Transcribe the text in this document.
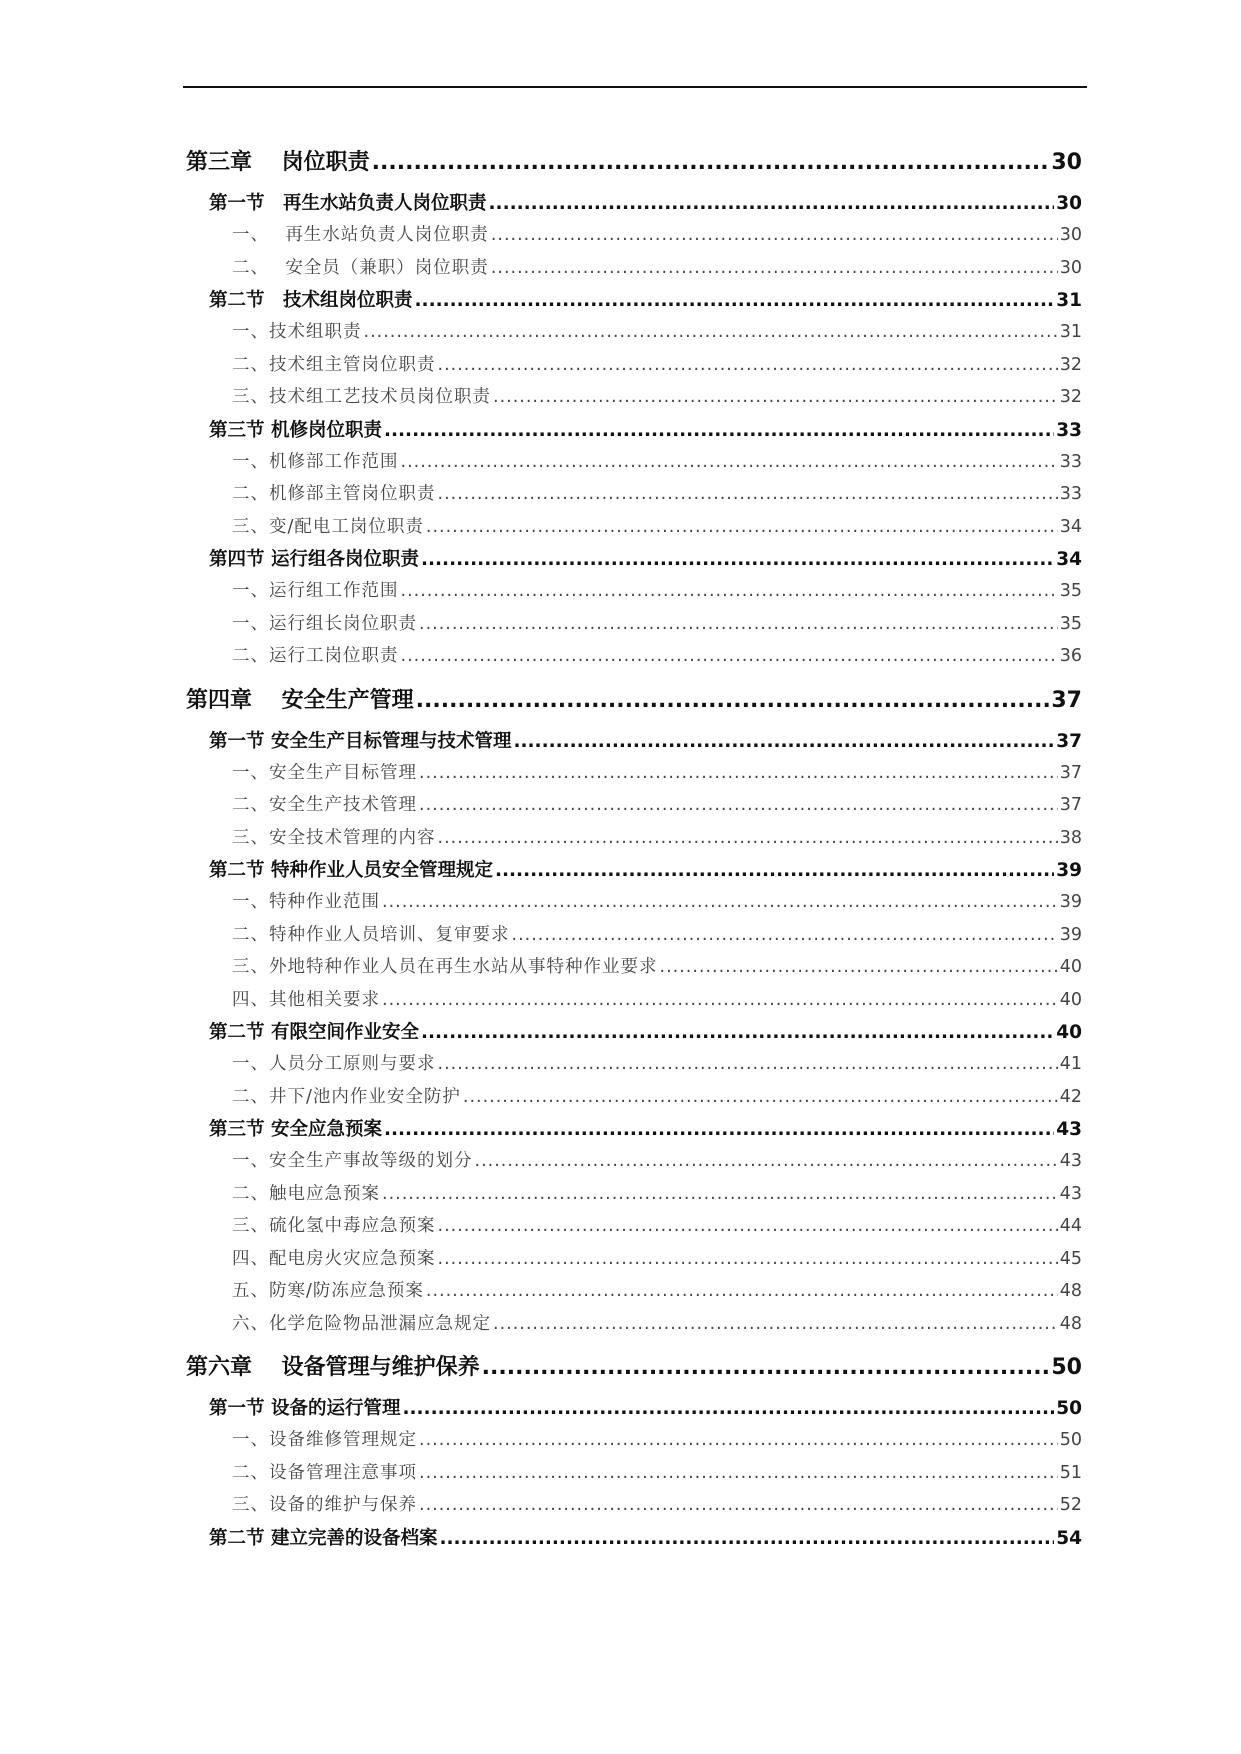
第三章　 岗位职责 .....	30
第一节　再生水站负责人岗位职责 .....	30
一、　 再生水站负责人岗位职责 .....	30
二、　 安全员（兼职）岗位职责 .....	30
第二节　技术组岗位职责 .....	31
一、技术组职责 .....	31
二、技术组主管岗位职责 .....	32
三、技术组工艺技术员岗位职责 .....	32
第三节 机修岗位职责 .....	33
一、机修部工作范围 .....	33
二、机修部主管岗位职责 .....	33
三、变/配电工岗位职责 .....	34
第四节 运行组各岗位职责 .....	34
一、运行组工作范围 .....	35
一、运行组长岗位职责 .....	35
二、运行工岗位职责 .....	36
第四章　 安全生产管理 .....	37
第一节 安全生产目标管理与技术管理 .....	37
一、安全生产目标管理 .....	37
二、安全生产技术管理 .....	37
三、安全技术管理的内容 .....	38
第二节 特种作业人员安全管理规定 .....	39
一、特种作业范围 .....	39
二、特种作业人员培训、复审要求 .....	39
三、外地特种作业人员在再生水站从事特种作业要求 .....	40
四、其他相关要求 .....	40
第二节 有限空间作业安全 .....	40
一、人员分工原则与要求 .....	41
二、井下/池内作业安全防护 .....	42
第三节 安全应急预案 .....	43
一、安全生产事故等级的划分 .....	43
二、触电应急预案 .....	43
三、硫化氢中毒应急预案 .....	44
四、配电房火灾应急预案 .....	45
五、防寒/防冻应急预案 .....	48
六、化学危险物品泄漏应急规定 .....	48
第六章　 设备管理与维护保养 .....	50
第一节 设备的运行管理 .....	50
一、设备维修管理规定 .....	50
二、设备管理注意事项 .....	51
三、设备的维护与保养 .....	52
第二节 建立完善的设备档案 .....	54
